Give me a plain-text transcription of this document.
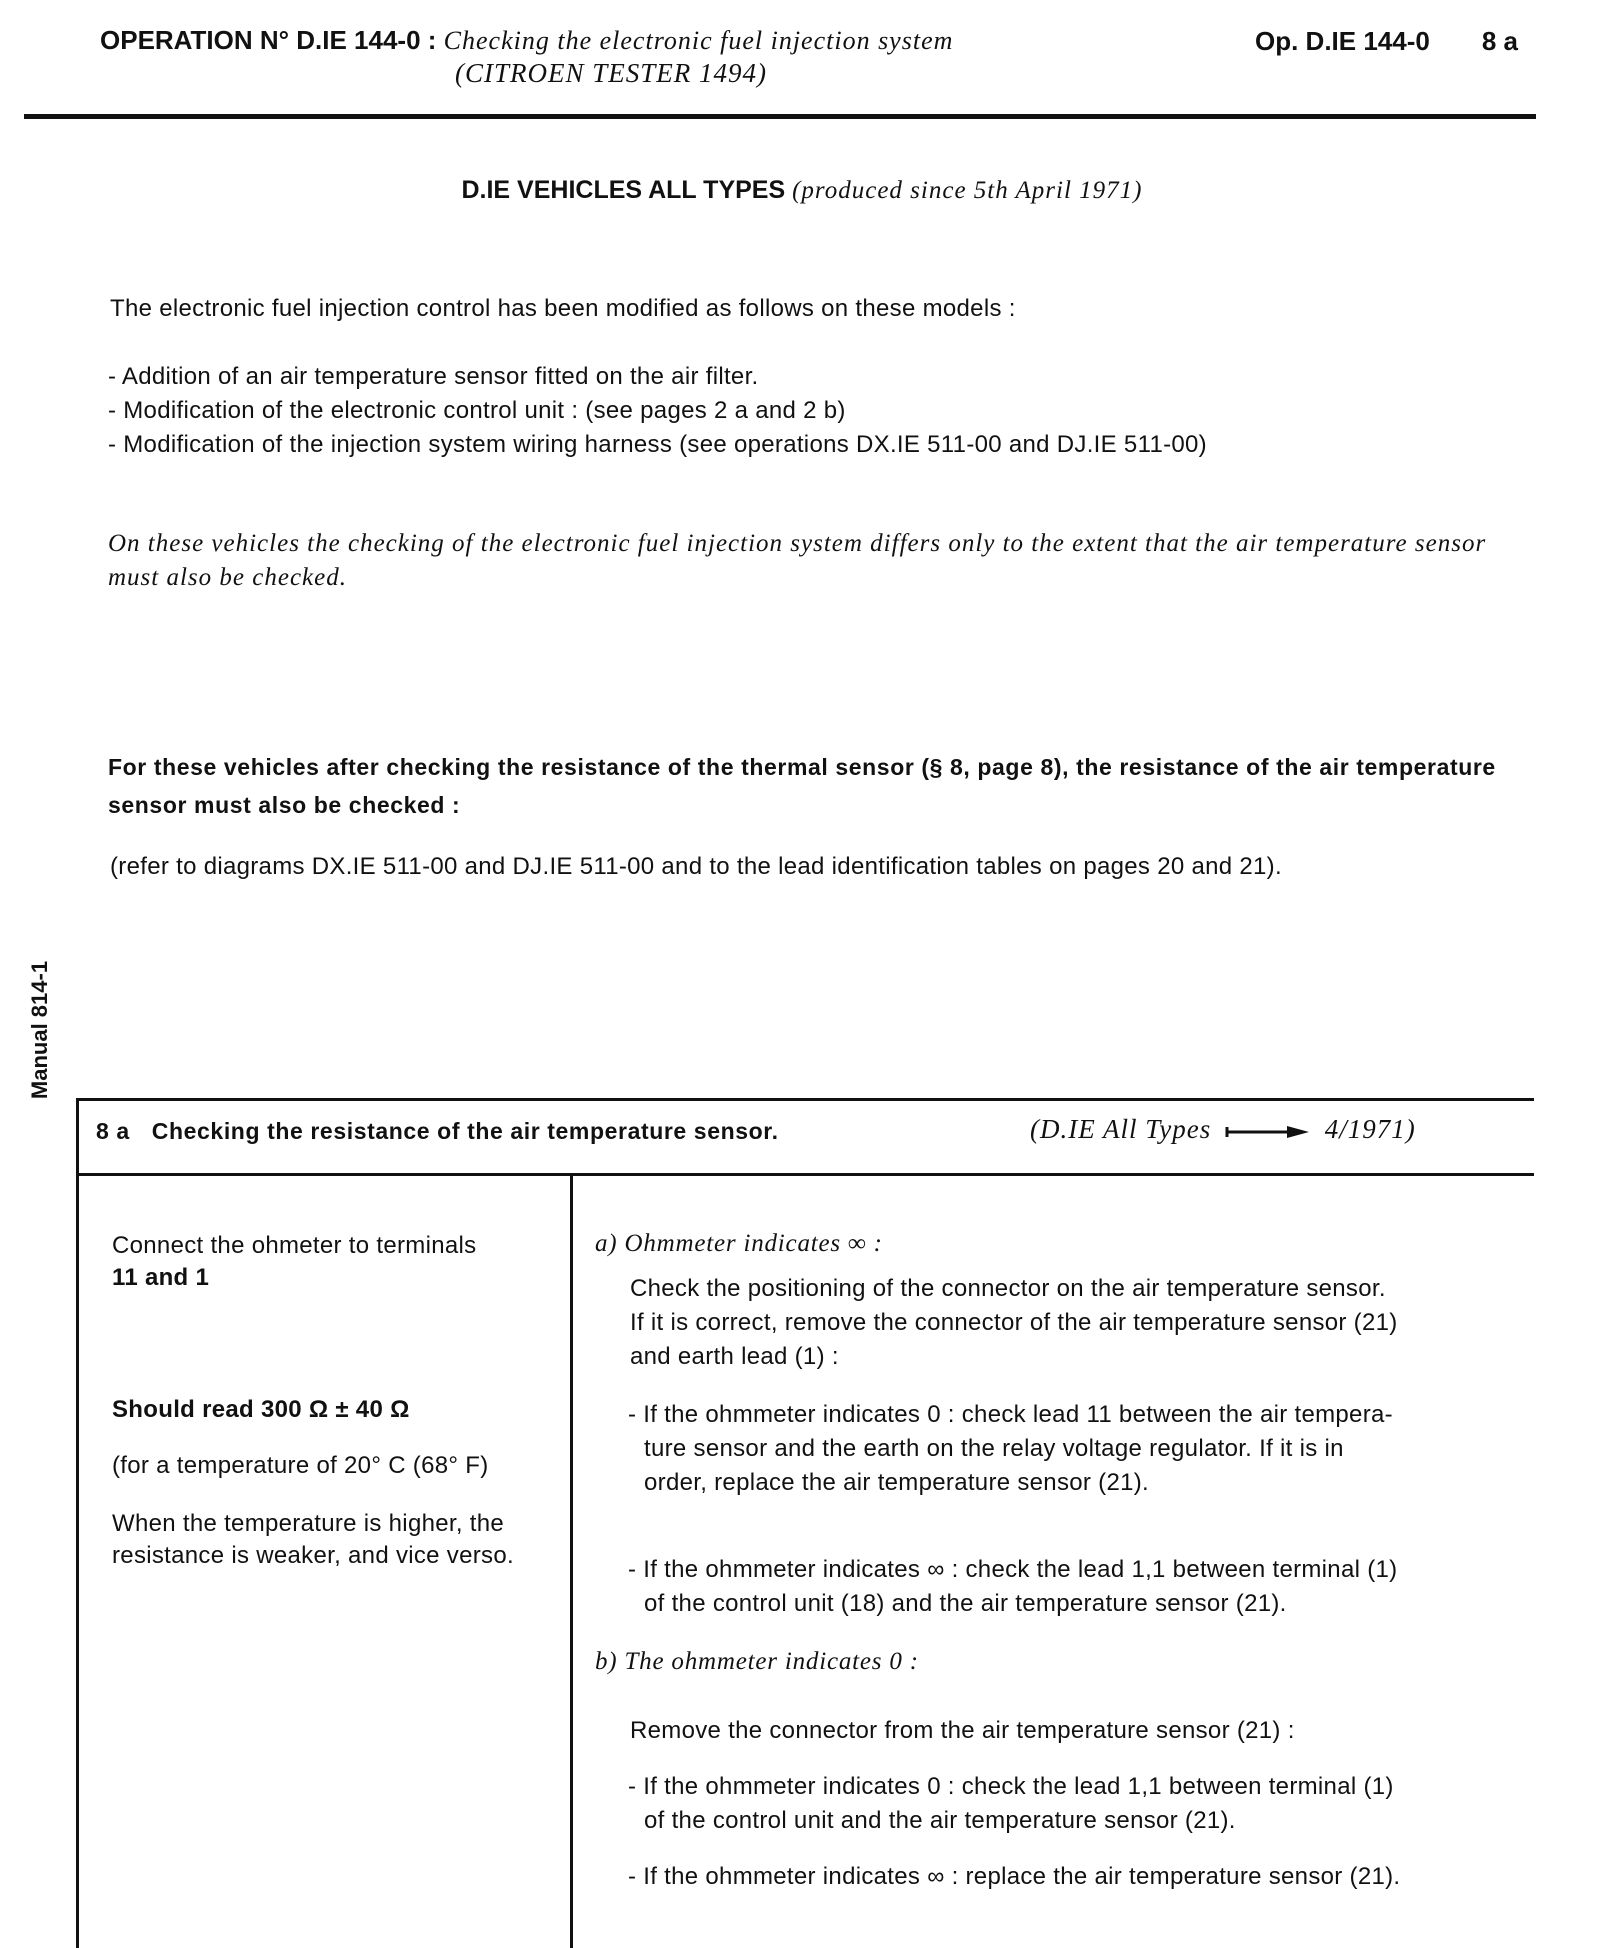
OPERATION N° D.IE 144-0 : Checking the electronic fuel injection system
(CITROEN TESTER 1494)
Op. D.IE 144-0 8 a
D.IE VEHICLES ALL TYPES (produced since 5th April 1971)
The electronic fuel injection control has been modified as follows on these models :
- Addition of an air temperature sensor fitted on the air filter.
- Modification of the electronic control unit : (see pages 2 a and 2 b)
- Modification of the injection system wiring harness (see operations DX.IE 511-00 and DJ.IE 511-00)
On these vehicles the checking of the electronic fuel injection system differs only to the extent that the air temperature sensor must also be checked.
For these vehicles after checking the resistance of the thermal sensor (§ 8, page 8), the resistance of the air temperature sensor must also be checked :
(refer to diagrams DX.IE 511-00 and DJ.IE 511-00 and to the lead identification tables on pages 20 and 21).
Manual 814-1
8 a Checking the resistance of the air temperature sensor.	(D.IE All Types	4/1971)
Connect the ohmeter to terminals
11 and 1
Should read 300 Ω ± 40 Ω
(for a temperature of 20° C (68° F)
When the temperature is higher, the resistance is weaker, and vice verso.
a) Ohmmeter indicates ∞ :
Check the positioning of the connector on the air temperature sensor.
If it is correct, remove the connector of the air temperature sensor (21)
and earth lead (1) :
- If the ohmmeter indicates 0 : check lead 11 between the air tempera-
ture sensor and the earth on the relay voltage regulator. If it is in
order, replace the air temperature sensor (21).
- If the ohmmeter indicates ∞ : check the lead 1,1 between terminal (1)
of the control unit (18) and the air temperature sensor (21).
b) The ohmmeter indicates 0 :
Remove the connector from the air temperature sensor (21) :
- If the ohmmeter indicates 0 : check the lead 1,1 between terminal (1)
of the control unit and the air temperature sensor (21).
- If the ohmmeter indicates ∞ : replace the air temperature sensor (21).
